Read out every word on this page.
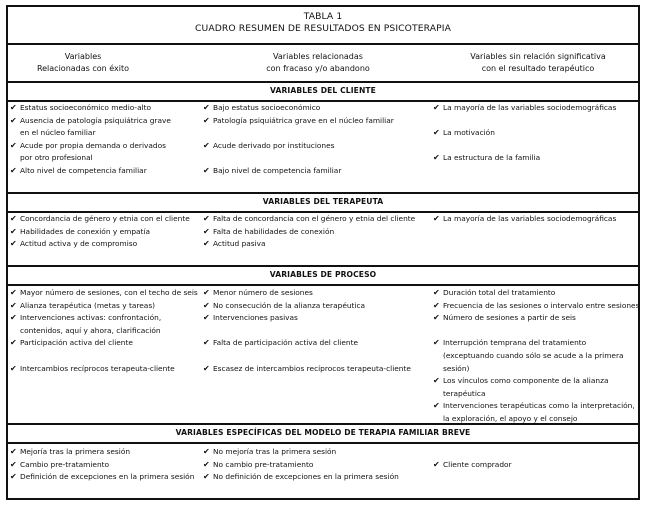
TABLA 1
CUADRO RESUMEN DE RESULTADOS EN PSICOTERAPIA
Variables
Relacionadas con éxito
Variables relacionadas
con fracaso y/o abandono
Variables sin relación significativa
con el resultado terapéutico
VARIABLES DEL CLIENTE
✔ Estatus socioeconómico medio-alto
✔ Ausencia de patología psiquiátrica grave
en el núcleo familiar
✔ Acude por propia demanda o derivados
por otro profesional
✔ Alto nivel de competencia familiar
✔ Bajo estatus socioeconómico
✔ Patología psiquiátrica grave en el núcleo familiar
✔ Acude derivado por instituciones
✔ Bajo nivel de competencia familiar
✔ La mayoría de las variables sociodemográficas
✔ La motivación
✔ La estructura de la familia
VARIABLES DEL TERAPEUTA
✔ Concordancia de género y etnia con el cliente
✔ Habilidades de conexión y empatía
✔ Actitud activa y de compromiso
✔ Falta de concordancia con el género y etnia del cliente
✔ Falta de habilidades de conexión
✔ Actitud pasiva
✔ La mayoría de las variables sociodemográficas
VARIABLES DE PROCESO
✔ Mayor número de sesiones, con el techo de seis
✔ Alianza terapéutica (metas y tareas)
✔ Intervenciones activas: confrontación,
contenidos, aquí y ahora, clarificación
✔ Participación activa del cliente
✔ Intercambios recíprocos terapeuta-cliente
✔ Menor número de sesiones
✔ No consecución de la alianza terapéutica
✔ Intervenciones pasivas
✔ Falta de participación activa del cliente
✔ Escasez de intercambios recíprocos terapeuta-cliente
✔ Duración total del tratamiento
✔ Frecuencia de las sesiones o intervalo entre sesiones
✔ Número de sesiones a partir de seis
✔ Interrupción temprana del tratamiento
(exceptuando cuando sólo se acude a la primera sesión)
✔ Los vínculos como componente de la alianza terapéutica
✔ Intervenciones terapéuticas como la interpretación,
la exploración, el apoyo y el consejo
VARIABLES ESPECÍFICAS DEL MODELO DE TERAPIA FAMILIAR BREVE
✔ Mejoría tras la primera sesión
✔ Cambio pre-tratamiento
✔ Definición de excepciones en la primera sesión
✔ No mejoría tras la primera sesión
✔ No cambio pre-tratamiento
✔ No definición de excepciones en la primera sesión
✔ Cliente comprador
